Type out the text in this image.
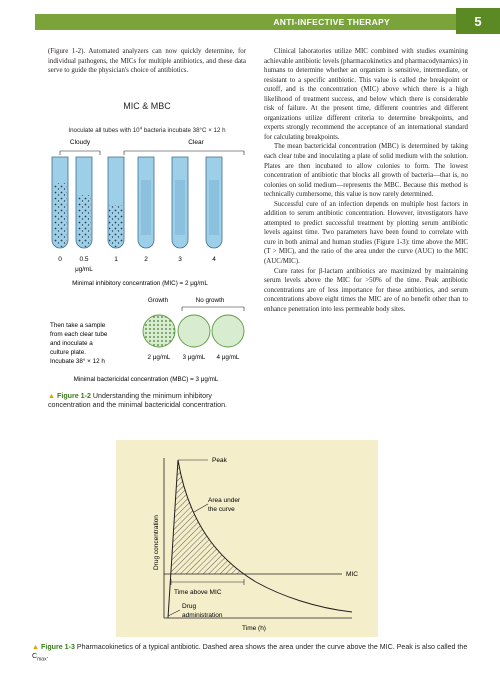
ANTI-INFECTIVE THERAPY	5

(Figure 1-2). Automated analyzers can now quickly determine, for individual pathogens, the MICs for multiple antibiotics, and these data serve to guide the physician's choice of antibiotics.

MIC & MBC
Inoculate all tubes with $10^4$ bacteria incubate 38°C × 12 h
Cloudy	Clear
0	0.5	1	2	3	4
μg/mL
Minimal inhibitory concentration (MIC) = 2 μg/mL
Growth	No growth
Then take a sample from each clear tube and inoculate a culture plate. Incubate 38° × 12 h
2 μg/mL 3 μg/mL 4 μg/mL
Minimal bactericidal concentration (MBC) = 3 μg/mL
▲ Figure 1-2 Understanding the minimum inhibitory concentration and the minimal bactericidal concentration.

Clinical laboratories utilize MIC combined with studies examining achievable antibiotic levels (pharmacokinetics and pharmacodynamics) in humans to determine whether an organism is sensitive, intermediate, or resistant to a specific antibiotic. This value is called the breakpoint or cutoff, and is the concentration (MIC) above which there is a high likelihood of treatment success, and below which there is considerable risk of failure. At the present time, different countries and different organizations utilize different criteria to determine breakpoints, and experts strongly recommend the acceptance of an international standard for calculating breakpoints.

The mean bactericidal concentration (MBC) is determined by taking each clear tube and inoculating a plate of solid medium with the solution. Plates are then incubated to allow colonies to form. The lowest concentration of antibiotic that blocks all growth of bacteria—that is, no colonies on solid medium—represents the MBC. Because this method is technically cumbersome, this value is now rarely determined.

Successful cure of an infection depends on multiple host factors in addition to serum antibiotic concentration. However, investigators have attempted to predict successful treatment by plotting serum antibiotic levels against time. Two parameters have been found to correlate with cure in both animal and human studies (Figure 1-3): time above the MIC (T > MIC), and the ratio of the area under the curve (AUC) to the MIC (AUC/MIC).

Cure rates for β-lactam antibiotics are maximized by maintaining serum levels above the MIC for >50% of the time. Peak antibiotic concentrations are of less importance for these antibiotics, and serum concentrations above eight times the MIC are of no benefit other than to enhance penetration into less permeable body sites.

MIC
Peak
Area under the curve
Time above MIC
Drug administration
Drug concentration
Time (h)
▲ Figure 1-3 Pharmacokinetics of a typical antibiotic. Dashed area shows the area under the curve above the MIC. Peak is also called the $C_{max}$.
